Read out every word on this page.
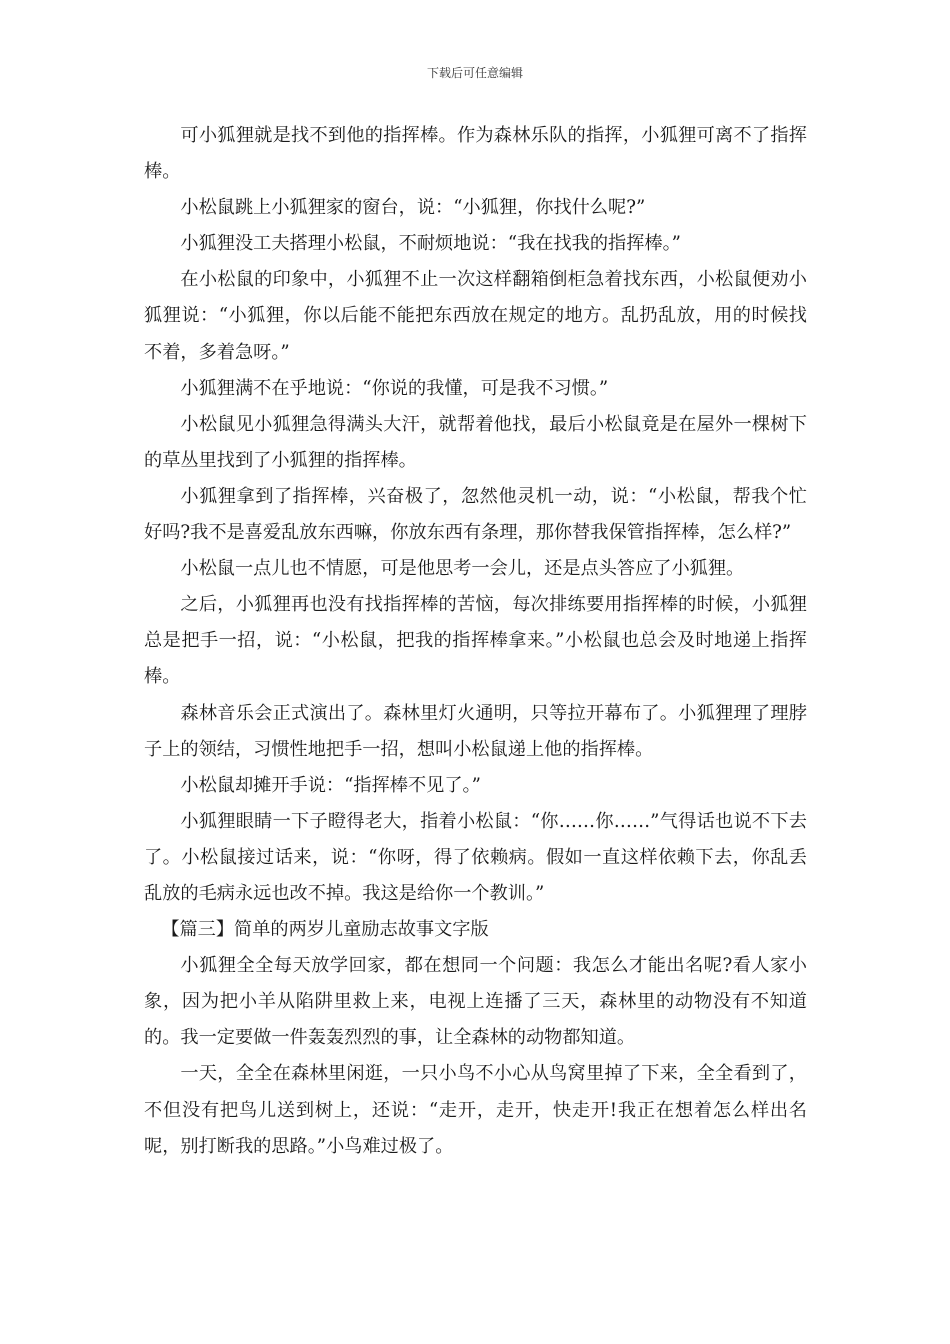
下载后可任意编辑

可小狐狸就是找不到他的指挥棒。作为森林乐队的指挥，小狐狸可离不了指挥棒。

小松鼠跳上小狐狸家的窗台，说：“小狐狸，你找什么呢?”

小狐狸没工夫搭理小松鼠，不耐烦地说：“我在找我的指挥棒。”

在小松鼠的印象中，小狐狸不止一次这样翻箱倒柜急着找东西，小松鼠便劝小狐狸说：“小狐狸，你以后能不能把东西放在规定的地方。乱扔乱放，用的时候找不着，多着急呀。”

小狐狸满不在乎地说：“你说的我懂，可是我不习惯。”

小松鼠见小狐狸急得满头大汗，就帮着他找，最后小松鼠竟是在屋外一棵树下的草丛里找到了小狐狸的指挥棒。

小狐狸拿到了指挥棒，兴奋极了，忽然他灵机一动，说：“小松鼠，帮我个忙好吗?我不是喜爱乱放东西嘛，你放东西有条理，那你替我保管指挥棒，怎么样?”

小松鼠一点儿也不情愿，可是他思考一会儿，还是点头答应了小狐狸。

之后，小狐狸再也没有找指挥棒的苦恼，每次排练要用指挥棒的时候，小狐狸总是把手一招，说：“小松鼠，把我的指挥棒拿来。”小松鼠也总会及时地递上指挥棒。

森林音乐会正式演出了。森林里灯火通明，只等拉开幕布了。小狐狸理了理脖子上的领结，习惯性地把手一招，想叫小松鼠递上他的指挥棒。

小松鼠却摊开手说：“指挥棒不见了。”

小狐狸眼睛一下子瞪得老大，指着小松鼠：“你……你……”气得话也说不下去了。小松鼠接过话来，说：“你呀，得了依赖病。假如一直这样依赖下去，你乱丢乱放的毛病永远也改不掉。我这是给你一个教训。”

【篇三】简单的两岁儿童励志故事文字版

小狐狸全全每天放学回家，都在想同一个问题：我怎么才能出名呢?看人家小象，因为把小羊从陷阱里救上来，电视上连播了三天，森林里的动物没有不知道的。我一定要做一件轰轰烈烈的事，让全森林的动物都知道。

一天，全全在森林里闲逛，一只小鸟不小心从鸟窝里掉了下来，全全看到了，不但没有把鸟儿送到树上，还说：“走开，走开，快走开!我正在想着怎么样出名呢，别打断我的思路。”小鸟难过极了。
